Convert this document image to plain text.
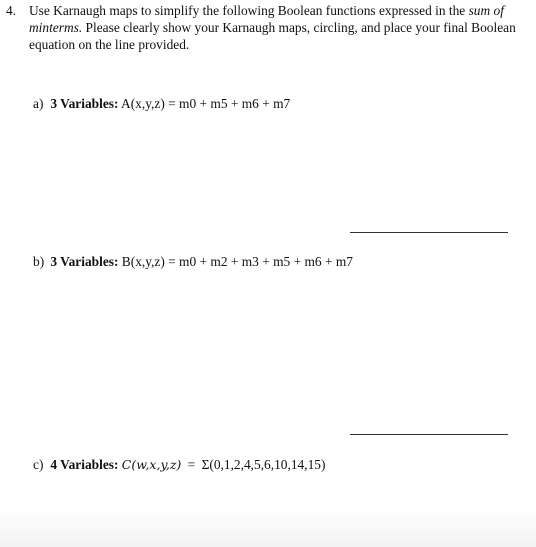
4. Use Karnaugh maps to simplify the following Boolean functions expressed in the sum of
minterms. Please clearly show your Karnaugh maps, circling, and place your final Boolean
equation on the line provided.
a) 3 Variables: A(x,y,z) = m0 + m5 + m6 + m7
b) 3 Variables: B(x,y,z) = m0 + m2 + m3 + m5 + m6 + m7
c) 4 Variables: C(w,x,y,z) = Σ(0,1,2,4,5,6,10,14,15)
